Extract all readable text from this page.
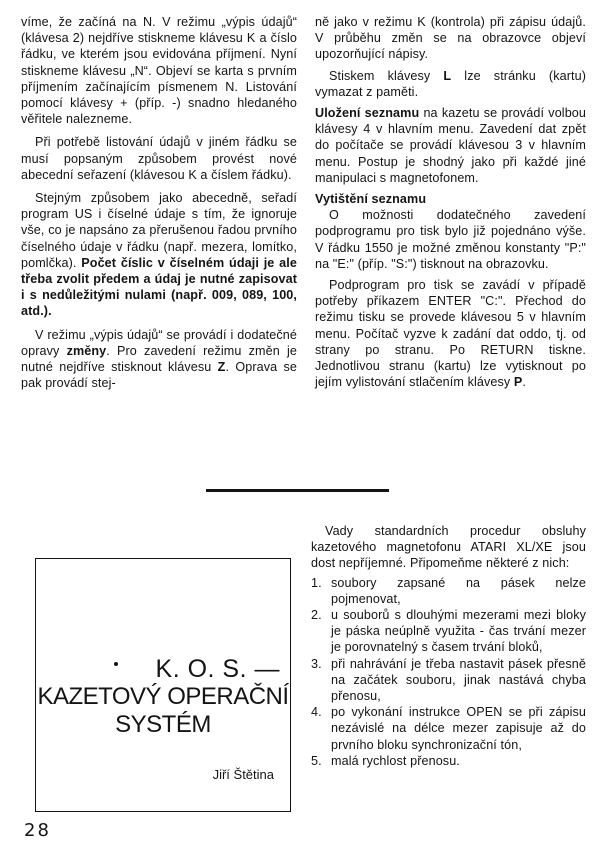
víme, že začíná na N. V režimu „výpis údajů“ (klávesa 2) nejdříve stiskneme klávesu K a číslo řádku, ve kterém jsou evidována příjmení. Nyní stiskneme klávesu „N“. Objeví se karta s prvním příjmením začínajícím písmenem N. Listování pomocí klávesy + (příp. -) snadno hledaného věřitele nalezneme.

Při potřebě listování údajů v jiném řádku se musí popsaným způsobem provést nové abecední seřazení (klávesou K a číslem řádku).

Stejným způsobem jako abecedně, seřadí program US i číselné údaje s tím, že ignoruje vše, co je napsáno za přerušenou řadou prvního číselného údaje v řádku (např. mezera, lomítko, pomlčka). Počet číslic v číselném údaji je ale třeba zvolit předem a údaj je nutné zapisovat i s nedůležitými nulami (např. 009, 089, 100, atd.).

V režimu „výpis údajů“ se provádí i dodatečné opravy změny. Pro zavedení režimu změn je nutné nejdříve stisknout klávesu Z. Oprava se pak provádí stej-

ně jako v režimu K (kontrola) při zápisu údajů. V průběhu změn se na obrazovce objeví upozorňující nápisy.

Stiskem klávesy L lze stránku (kartu) vymazat z paměti.

Uložení seznamu na kazetu se provádí volbou klávesy 4 v hlavním menu. Zavedení dat zpět do počítače se provádí klávesou 3 v hlavním menu. Postup je shodný jako při každé jiné manipulaci s magnetofonem.

Vytištění seznamu

O možnosti dodatečného zavedení podprogramu pro tisk bylo již pojednáno výše. V řádku 1550 je možné změnou konstanty "P:" na "E:" (příp. "S:") tisknout na obrazovku.

Podprogram pro tisk se zavádí v případě potřeby příkazem ENTER "C:". Přechod do režimu tisku se provede klávesou 5 v hlavním menu. Počítač vyzve k zadání dat oddo, tj. od strany po stranu. Po RETURN tiskne. Jednotlivou stranu (kartu) lze vytisknout po jejím vylistování stlačením klávesy P.

K. O. S. —
KAZETOVÝ OPERAČNÍ
SYSTÉM
Jiří Štětina

Vady standardních procedur obsluhy kazetového magnetofonu ATARI XL/XE jsou dost nepříjemné. Připomeňme některé z nich:

1. soubory zapsané na pásek nelze pojmenovat,
2. u souborů s dlouhými mezerami mezi bloky je páska neúplně využita - čas trvání mezer je porovnatelný s časem trvání bloků,
3. při nahrávání je třeba nastavit pásek přesně na začátek souboru, jinak nastává chyba přenosu,
4. po vykonání instrukce OPEN se při zápisu nezávislé na délce mezer zapisuje až do prvního bloku synchronizační tón,
5. malá rychlost přenosu.
28
